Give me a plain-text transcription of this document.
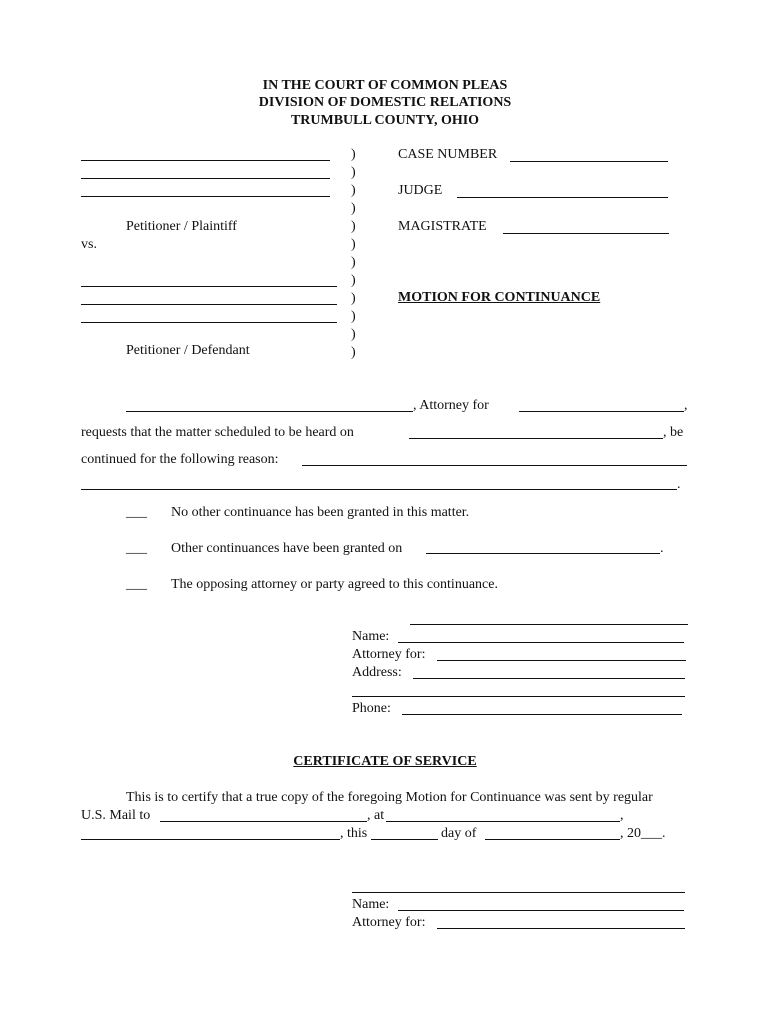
IN THE COURT OF COMMON PLEAS
DIVISION OF DOMESTIC RELATIONS
TRUMBULL COUNTY, OHIO
Petitioner / Plaintiff
vs.
Petitioner / Defendant
)
)
)
)
)
)
)
)
)
)
)
)
CASE NUMBER
JUDGE
MAGISTRATE
MOTION FOR CONTINUANCE
, Attorney for	,
requests that the matter scheduled to be heard on	, be
continued for the following reason:
.
___ No other continuance has been granted in this matter.
___ Other continuances have been granted on	.
___ The opposing attorney or party agreed to this continuance.
Name:
Attorney for:
Address:
Phone:
CERTIFICATE OF SERVICE
This is to certify that a true copy of the foregoing Motion for Continuance was sent by regular
U.S. Mail to	, at	,
, this	day of	, 20___.
Name:
Attorney for:
